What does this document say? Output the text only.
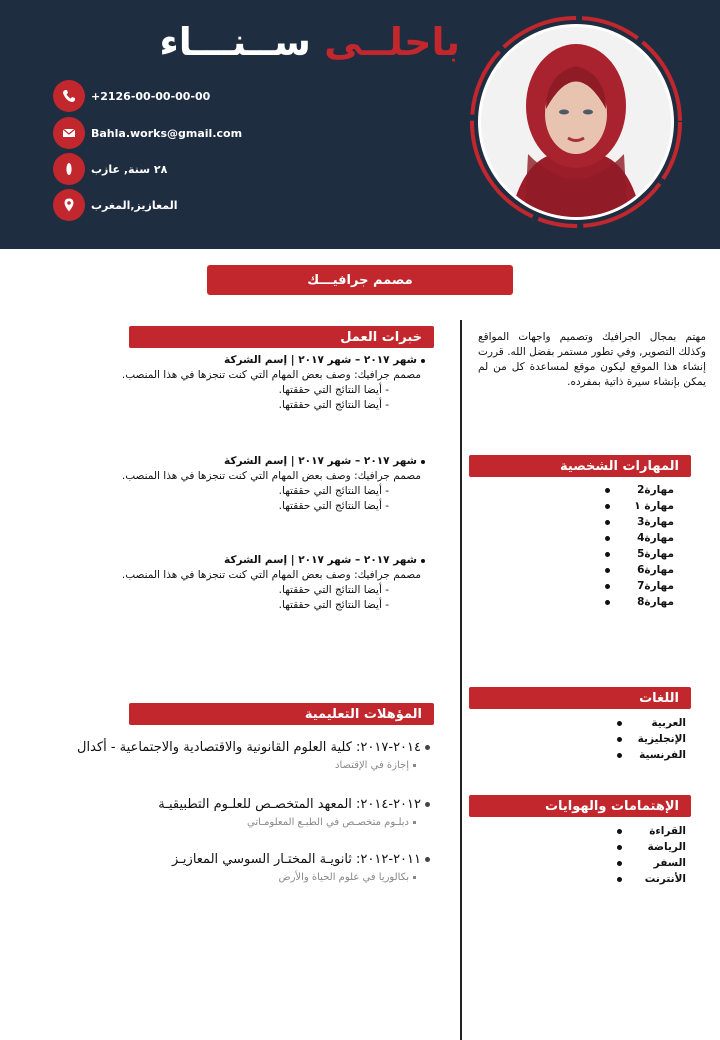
باحلــى ســنـــاء
+2126-00-00-00-00
Bahla.works@gmail.com
٢٨ سنة, عازب
المعازيز,المغرب
مصمم جرافيـــك

مهتم بمجال الجرافيك وتصميم واجهات المواقع وكذلك التصوير, وفي تطور مستمر بفضل الله. قررت إنشاء هذا الموقع ليكون موقع لمساعدة كل من لم يمكن بإنشاء سيرة ذاتية بمفرده.

المهارات الشخصية
مهارة2
مهارة ١
مهارة3
مهارة4
مهارة5
مهارة6
مهارة7
مهارة8
اللغات
العربية
الإنجليزية
الفرنسية
الإهتمامات والهوايات
القراءة
الرياضة
السفر
الأنترنت
خبرات العمل
شهر ٢٠١٧ – شهر ٢٠١٧ | إسم الشركة
مصمم جرافيك: وصف بعض المهام التي كنت تنجزها في هذا المنصب.
- أيضا النتائج التي حققتها.
- أيضا النتائج التي حققتها.
شهر ٢٠١٧ – شهر ٢٠١٧ | إسم الشركة
مصمم جرافيك: وصف بعض المهام التي كنت تنجزها في هذا المنصب.
- أيضا النتائج التي حققتها.
- أيضا النتائج التي حققتها.
شهر ٢٠١٧ – شهر ٢٠١٧ | إسم الشركة
مصمم جرافيك: وصف بعض المهام التي كنت تنجزها في هذا المنصب.
- أيضا النتائج التي حققتها.
- أيضا النتائج التي حققتها.
المؤهلات التعليمية
٢٠١٤-٢٠١٧: كلية العلوم القانونية والاقتصادية والاجتماعية - أكدال
إجازة في الإقتصاد
٢٠١٢-٢٠١٤: المعهد المتخصـص للعلـوم التطبيقيـة
دبلـوم متخصـص في الطبـع المعلومـاتي
٢٠١١-٢٠١٢: ثانويـة المختـار السوسي المعازيـز
بكالوريا في علوم الحياة والأرض
